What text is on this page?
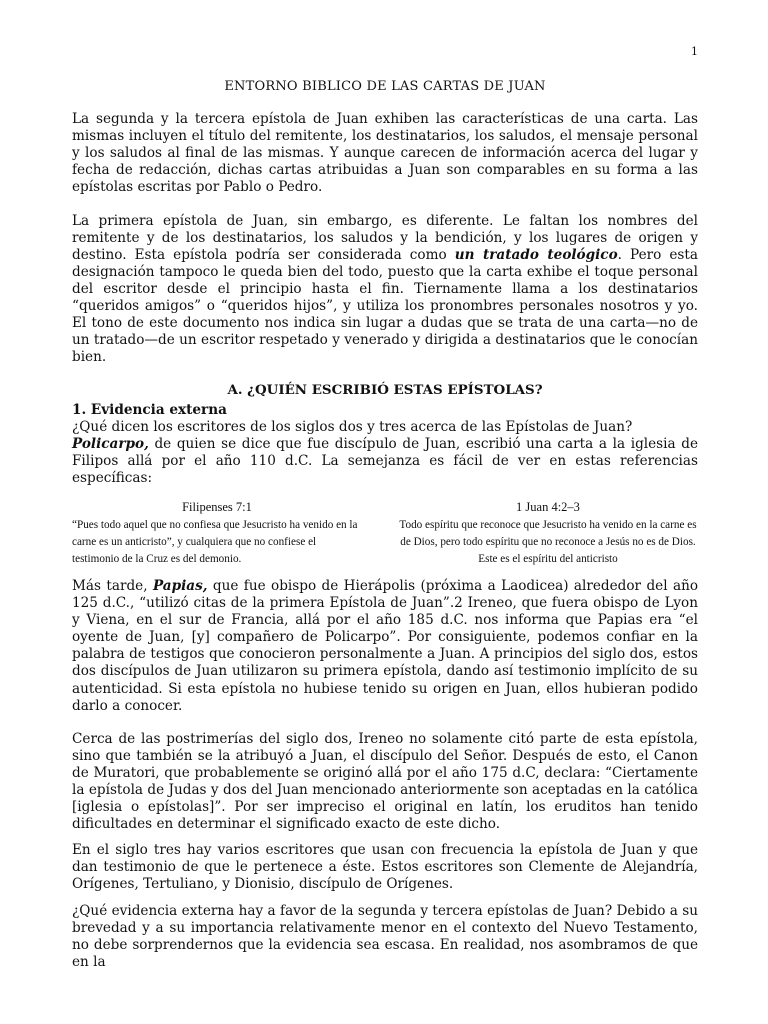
1
ENTORNO BIBLICO DE LAS CARTAS DE JUAN

La segunda y la tercera epístola de Juan exhiben las características de una carta. Las mismas incluyen el título del remitente, los destinatarios, los saludos, el mensaje personal y los saludos al final de las mismas. Y aunque carecen de información acerca del lugar y fecha de redacción, dichas cartas atribuidas a Juan son comparables en su forma a las epístolas escritas por Pablo o Pedro.

La primera epístola de Juan, sin embargo, es diferente. Le faltan los nombres del remitente y de los destinatarios, los saludos y la bendición, y los lugares de origen y destino. Esta epístola podría ser considerada como un tratado teológico. Pero esta designación tampoco le queda bien del todo, puesto que la carta exhibe el toque personal del escritor desde el principio hasta el fin. Tiernamente llama a los destinatarios “queridos amigos” o “queridos hijos”, y utiliza los pronombres personales nosotros y yo. El tono de este documento nos indica sin lugar a dudas que se trata de una carta—no de un tratado—de un escritor respetado y venerado y dirigida a destinatarios que le conocían bien.

A. ¿QUIÉN ESCRIBIÓ ESTAS EPÍSTOLAS?
1. Evidencia externa

¿Qué dicen los escritores de los siglos dos y tres acerca de las Epístolas de Juan?

Policarpo, de quien se dice que fue discípulo de Juan, escribió una carta a la iglesia de Filipos allá por el año 110 d.C. La semejanza es fácil de ver en estas referencias específicas:

Filipenses 7:1
“Pues todo aquel que no confiesa que Jesucristo ha venido en la carne es un anticristo”, y cualquiera que no confiese el testimonio de la Cruz es del demonio.
1 Juan 4:2–3
Todo espíritu que reconoce que Jesucristo ha venido en la carne es de Dios, pero todo espíritu que no reconoce a Jesús no es de Dios. Este es el espíritu del anticristo

Más tarde, Papias, que fue obispo de Hierápolis (próxima a Laodicea) alrededor del año 125 d.C., “utilizó citas de la primera Epístola de Juan”.2 Ireneo, que fuera obispo de Lyon y Viena, en el sur de Francia, allá por el año 185 d.C. nos informa que Papias era “el oyente de Juan, [y] compañero de Policarpo”. Por consiguiente, podemos confiar en la palabra de testigos que conocieron personalmente a Juan. A principios del siglo dos, estos dos discípulos de Juan utilizaron su primera epístola, dando así testimonio implícito de su autenticidad. Si esta epístola no hubiese tenido su origen en Juan, ellos hubieran podido darlo a conocer.

Cerca de las postrimerías del siglo dos, Ireneo no solamente citó parte de esta epístola, sino que también se la atribuyó a Juan, el discípulo del Señor. Después de esto, el Canon de Muratori, que probablemente se originó allá por el año 175 d.C, declara: “Ciertamente la epístola de Judas y dos del Juan mencionado anteriormente son aceptadas en la católica [iglesia o epístolas]”. Por ser impreciso el original en latín, los eruditos han tenido dificultades en determinar el significado exacto de este dicho.

En el siglo tres hay varios escritores que usan con frecuencia la epístola de Juan y que dan testimonio de que le pertenece a éste. Estos escritores son Clemente de Alejandría, Orígenes, Tertuliano, y Dionisio, discípulo de Orígenes.

¿Qué evidencia externa hay a favor de la segunda y tercera epístolas de Juan? Debido a su brevedad y a su importancia relativamente menor en el contexto del Nuevo Testamento, no debe sorprendernos que la evidencia sea escasa. En realidad, nos asombramos de que en la
